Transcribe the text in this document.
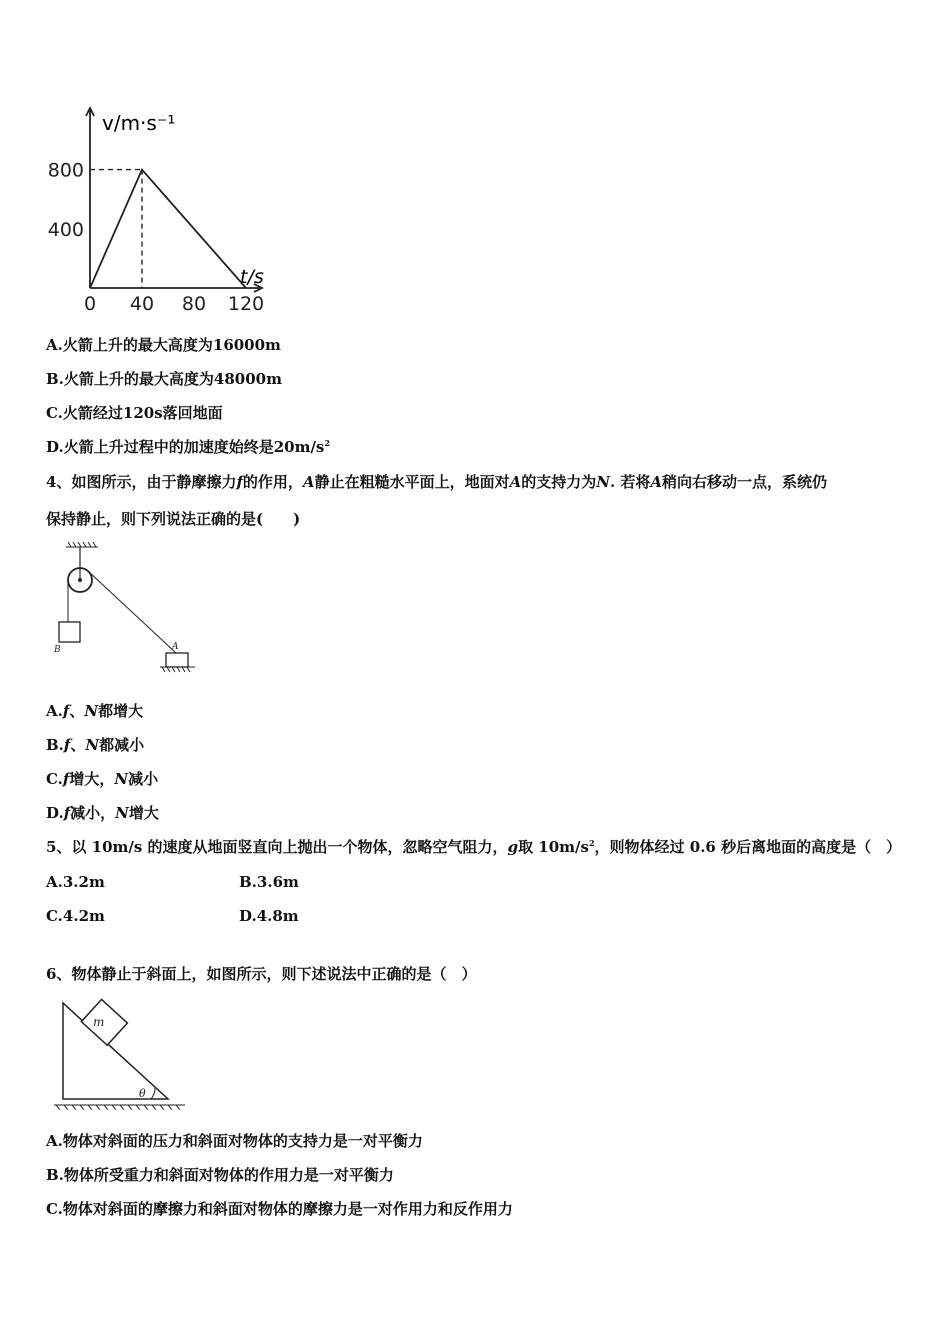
v/m·s⁻¹
t/s
0 40 80 120
400
800
A.火箭上升的最大高度为16000m
B.火箭上升的最大高度为48000m
C.火箭经过120s落回地面
D.火箭上升过程中的加速度始终是$20m/s^2$
4、如图所示，由于静摩擦力f的作用，A静止在粗糙水平面上，地面对A的支持力为N. 若将A稍向右移动一点，系统仍
保持静止，则下列说法正确的是(　　)
B	A
A.f、N都增大
B.f、N都减小
C.f增大，N减小
D.f减小，N增大
5、以 10m/s 的速度从地面竖直向上抛出一个物体，忽略空气阻力，g取 $10m/s^2$，则物体经过 0.6 秒后离地面的高度是（　）
A.3.2m	B.3.6m
C.4.2m	D.4.8m
6、物体静止于斜面上，如图所示，则下述说法中正确的是（　）
m
θ
A.物体对斜面的压力和斜面对物体的支持力是一对平衡力
B.物体所受重力和斜面对物体的作用力是一对平衡力
C.物体对斜面的摩擦力和斜面对物体的摩擦力是一对作用力和反作用力
